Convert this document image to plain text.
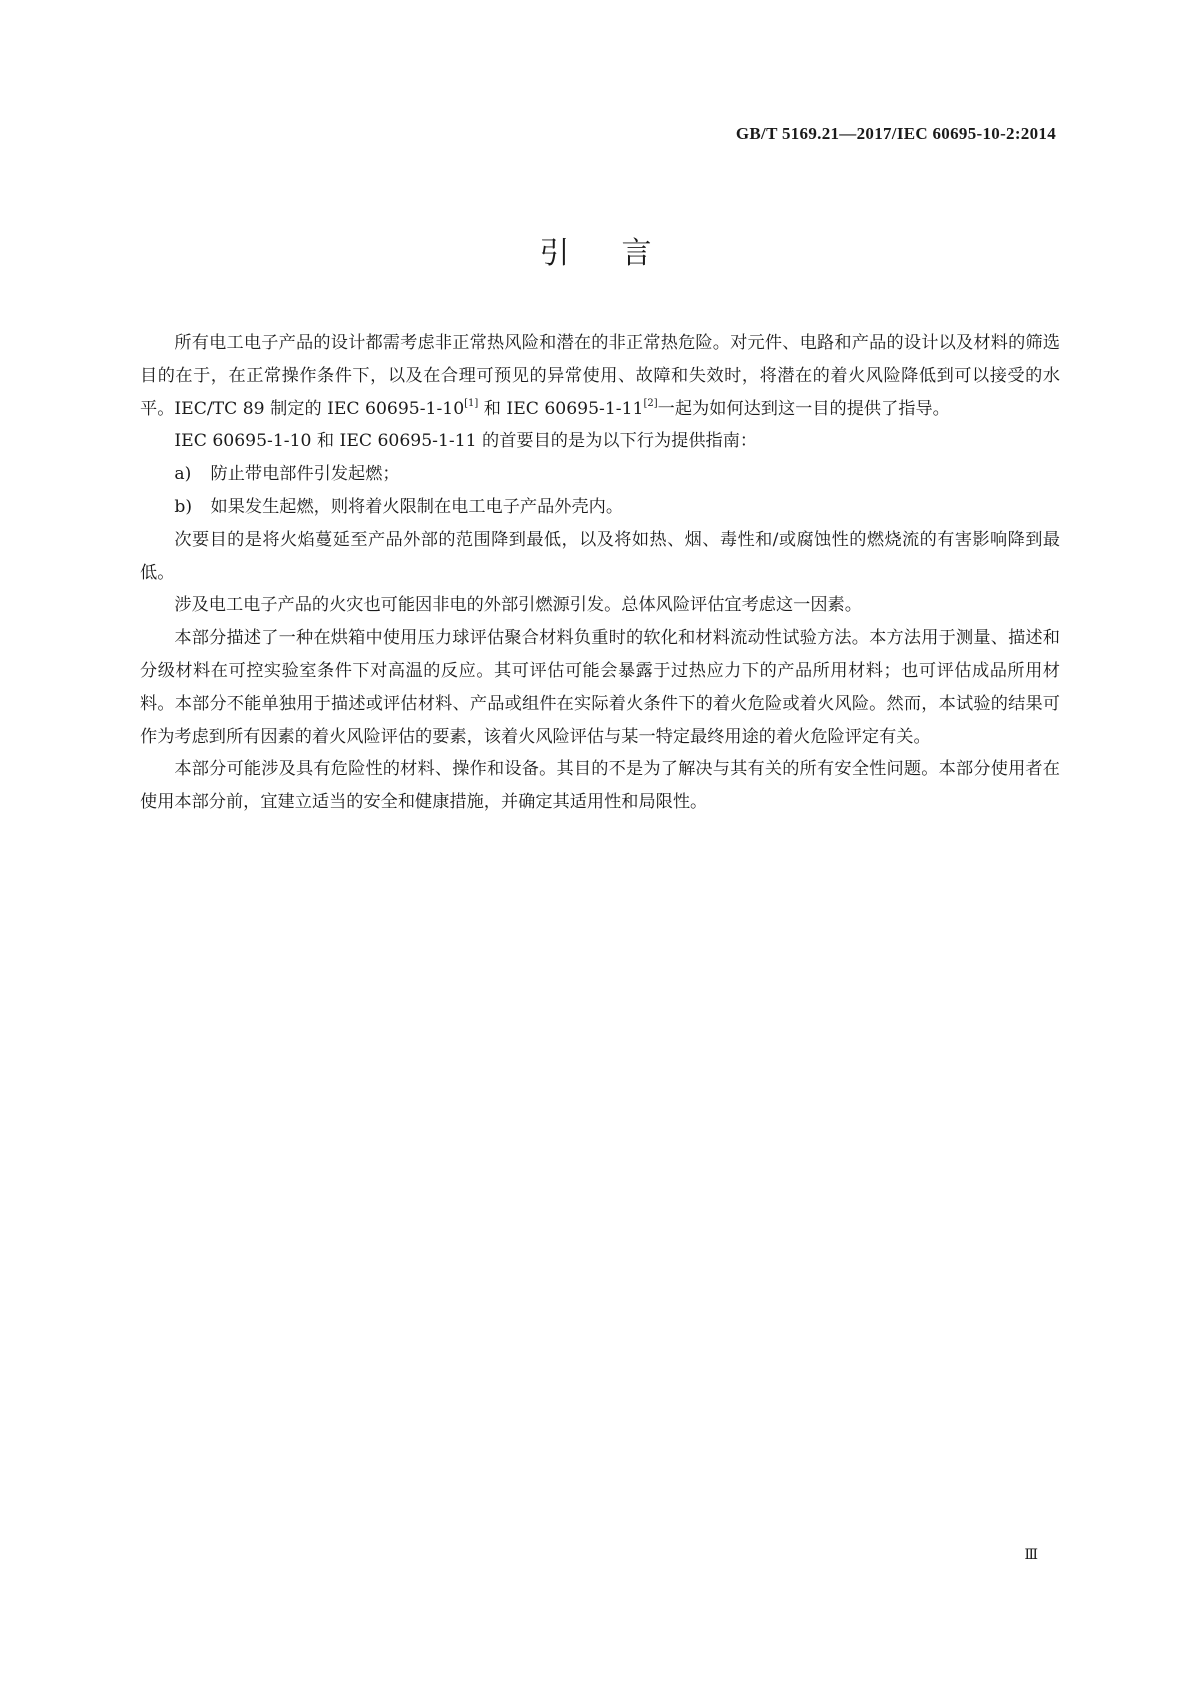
GB/T 5169.21—2017/IEC 60695-10-2:2014
引言

所有电工电子产品的设计都需考虑非正常热风险和潜在的非正常热危险。对元件、电路和产品的设计以及材料的筛选目的在于，在正常操作条件下，以及在合理可预见的异常使用、故障和失效时，将潜在的着火风险降低到可以接受的水平。IEC/TC 89 制定的 IEC 60695-1-10[1] 和 IEC 60695-1-11[2]一起为如何达到这一目的提供了指导。

IEC 60695-1-10 和 IEC 60695-1-11 的首要目的是为以下行为提供指南：

a) 防止带电部件引发起燃；

b) 如果发生起燃，则将着火限制在电工电子产品外壳内。

次要目的是将火焰蔓延至产品外部的范围降到最低，以及将如热、烟、毒性和/或腐蚀性的燃烧流的有害影响降到最低。

涉及电工电子产品的火灾也可能因非电的外部引燃源引发。总体风险评估宜考虑这一因素。

本部分描述了一种在烘箱中使用压力球评估聚合材料负重时的软化和材料流动性试验方法。本方法用于测量、描述和分级材料在可控实验室条件下对高温的反应。其可评估可能会暴露于过热应力下的产品所用材料；也可评估成品所用材料。本部分不能单独用于描述或评估材料、产品或组件在实际着火条件下的着火危险或着火风险。然而，本试验的结果可作为考虑到所有因素的着火风险评估的要素，该着火风险评估与某一特定最终用途的着火危险评定有关。

本部分可能涉及具有危险性的材料、操作和设备。其目的不是为了解决与其有关的所有安全性问题。本部分使用者在使用本部分前，宜建立适当的安全和健康措施，并确定其适用性和局限性。

Ⅲ
